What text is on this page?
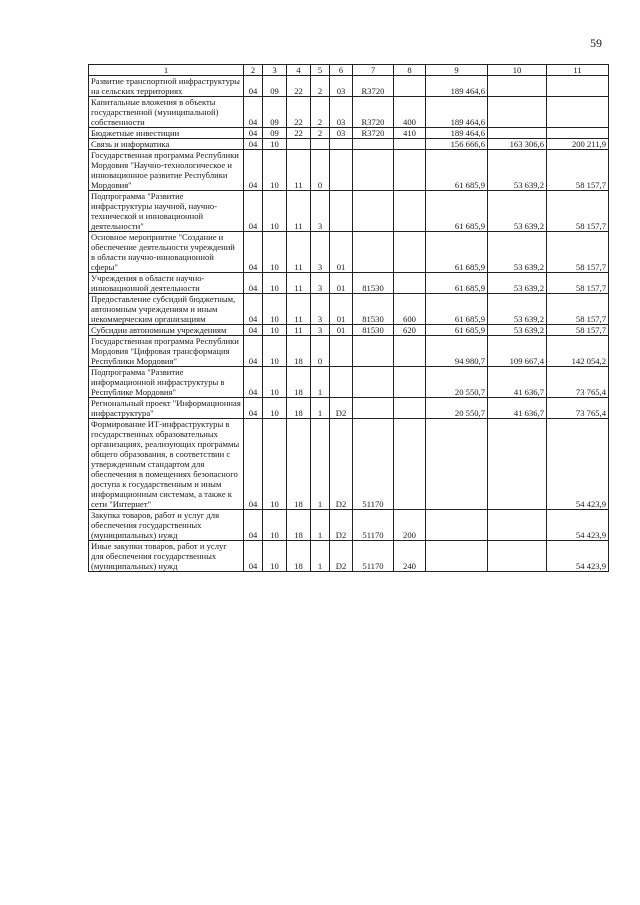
59
1	2	3	4	5	6	7	8	9	10	11
Развитие транспортной инфраструктуры на сельских территориях	04	09	22	2	03	R3720		189 464,6		
Капитальные вложения в объекты государственной (муниципальной) собственности	04	09	22	2	03	R3720	400	189 464,6		
Бюджетные инвестиции	04	09	22	2	03	R3720	410	189 464,6		
Связь и информатика	04	10						156 666,6	163 306,6	200 211,9
Государственная программа Республики Мордовия "Научно-технологическое и инновационное развитие Республики Мордовия"	04	10	11	0				61 685,9	53 639,2	58 157,7
Подпрограмма "Развитие инфраструктуры научной, научно-технической и инновационной деятельности"	04	10	11	3				61 685,9	53 639,2	58 157,7
Основное мероприятие "Создание и обеспечение деятельности учреждений в области научно-инновационной сферы"	04	10	11	3	01			61 685,9	53 639,2	58 157,7
Учреждения в области научно-инновационной деятельности	04	10	11	3	01	81530		61 685,9	53 639,2	58 157,7
Предоставление субсидий бюджетным, автономным учреждениям и иным некоммерческим организациям	04	10	11	3	01	81530	600	61 685,9	53 639,2	58 157,7
Субсидии автономным учреждениям	04	10	11	3	01	81530	620	61 685,9	53 639,2	58 157,7
Государственная программа Республики Мордовия "Цифровая трансформация Республики Мордовия"	04	10	18	0				94 980,7	109 667,4	142 054,2
Подпрограмма "Развитие информационной инфраструктуры в Республике Мордовия"	04	10	18	1				20 550,7	41 636,7	73 765,4
Региональный проект "Информационная инфраструктура"	04	10	18	1	D2			20 550,7	41 636,7	73 765,4
Формирование ИТ-инфраструктуры в государственных образовательных организациях, реализующих программы общего образования, в соответствии с утвержденным стандартом для обеспечения в помещениях безопасного доступа к государственным и иным информационным системам, а также к сети "Интернет"	04	10	18	1	D2	51170				54 423,9
Закупка товаров, работ и услуг для обеспечения государственных (муниципальных) нужд	04	10	18	1	D2	51170	200			54 423,9
Иные закупки товаров, работ и услуг для обеспечения государственных (муниципальных) нужд	04	10	18	1	D2	51170	240			54 423,9
